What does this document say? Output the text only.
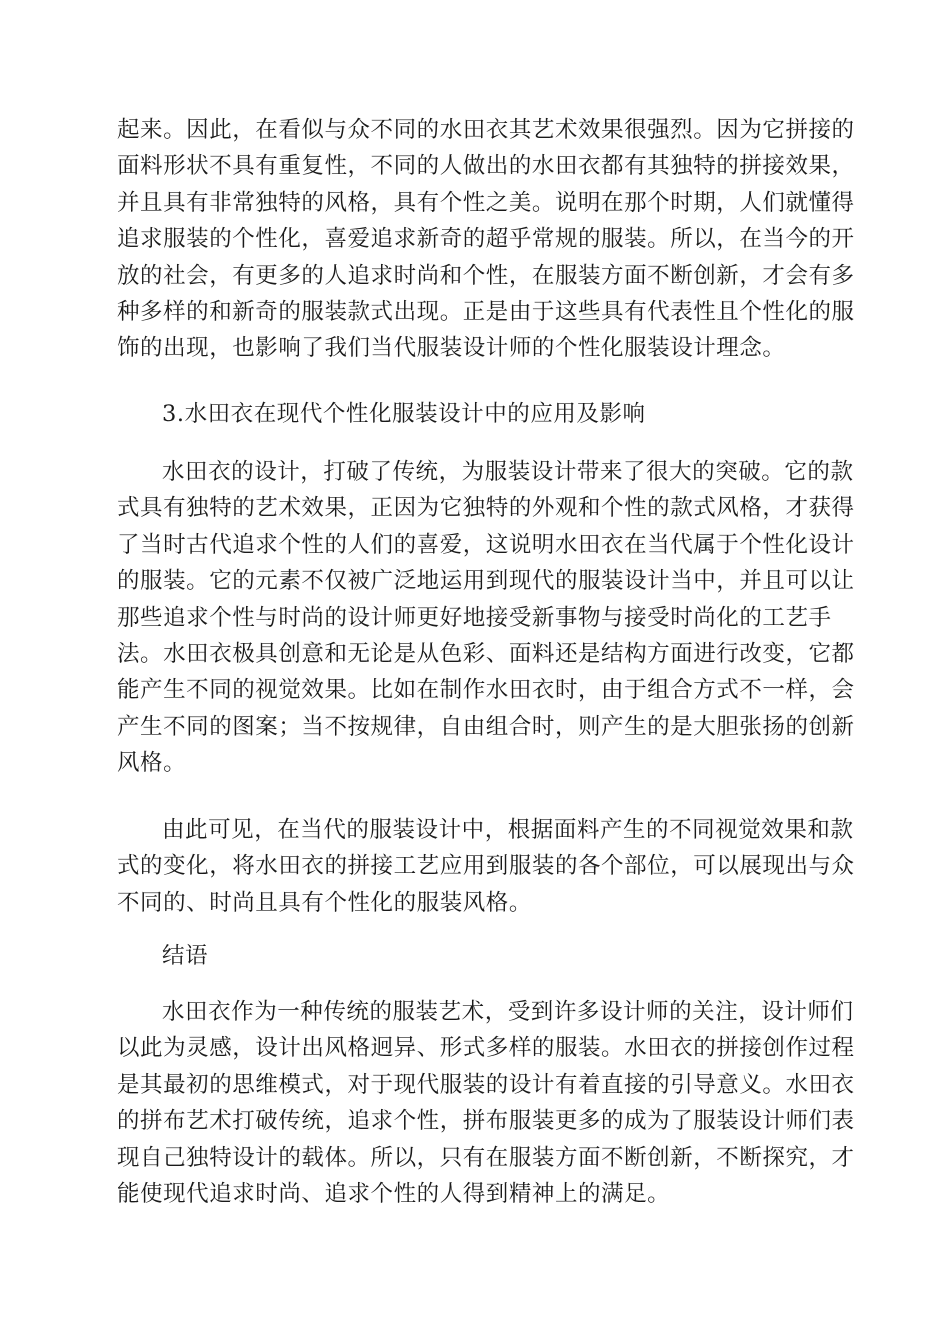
起来。因此，在看似与众不同的水田衣其艺术效果很强烈。因为它拼接的
面料形状不具有重复性，不同的人做出的水田衣都有其独特的拼接效果，
并且具有非常独特的风格，具有个性之美。说明在那个时期，人们就懂得
追求服装的个性化，喜爱追求新奇的超乎常规的服装。所以，在当今的开
放的社会，有更多的人追求时尚和个性，在服装方面不断创新，才会有多
种多样的和新奇的服装款式出现。正是由于这些具有代表性且个性化的服
饰的出现，也影响了我们当代服装设计师的个性化服装设计理念。
3.水田衣在现代个性化服装设计中的应用及影响
水田衣的设计，打破了传统，为服装设计带来了很大的突破。它的款
式具有独特的艺术效果，正因为它独特的外观和个性的款式风格，才获得
了当时古代追求个性的人们的喜爱，这说明水田衣在当代属于个性化设计
的服装。它的元素不仅被广泛地运用到现代的服装设计当中，并且可以让
那些追求个性与时尚的设计师更好地接受新事物与接受时尚化的工艺手
法。水田衣极具创意和无论是从色彩、面料还是结构方面进行改变，它都
能产生不同的视觉效果。比如在制作水田衣时，由于组合方式不一样，会
产生不同的图案；当不按规律，自由组合时，则产生的是大胆张扬的创新
风格。
由此可见，在当代的服装设计中，根据面料产生的不同视觉效果和款
式的变化，将水田衣的拼接工艺应用到服装的各个部位，可以展现出与众
不同的、时尚且具有个性化的服装风格。
结语
水田衣作为一种传统的服装艺术，受到许多设计师的关注，设计师们
以此为灵感，设计出风格迥异、形式多样的服装。水田衣的拼接创作过程
是其最初的思维模式，对于现代服装的设计有着直接的引导意义。水田衣
的拼布艺术打破传统，追求个性，拼布服装更多的成为了服装设计师们表
现自己独特设计的载体。所以，只有在服装方面不断创新，不断探究，才
能使现代追求时尚、追求个性的人得到精神上的满足。
